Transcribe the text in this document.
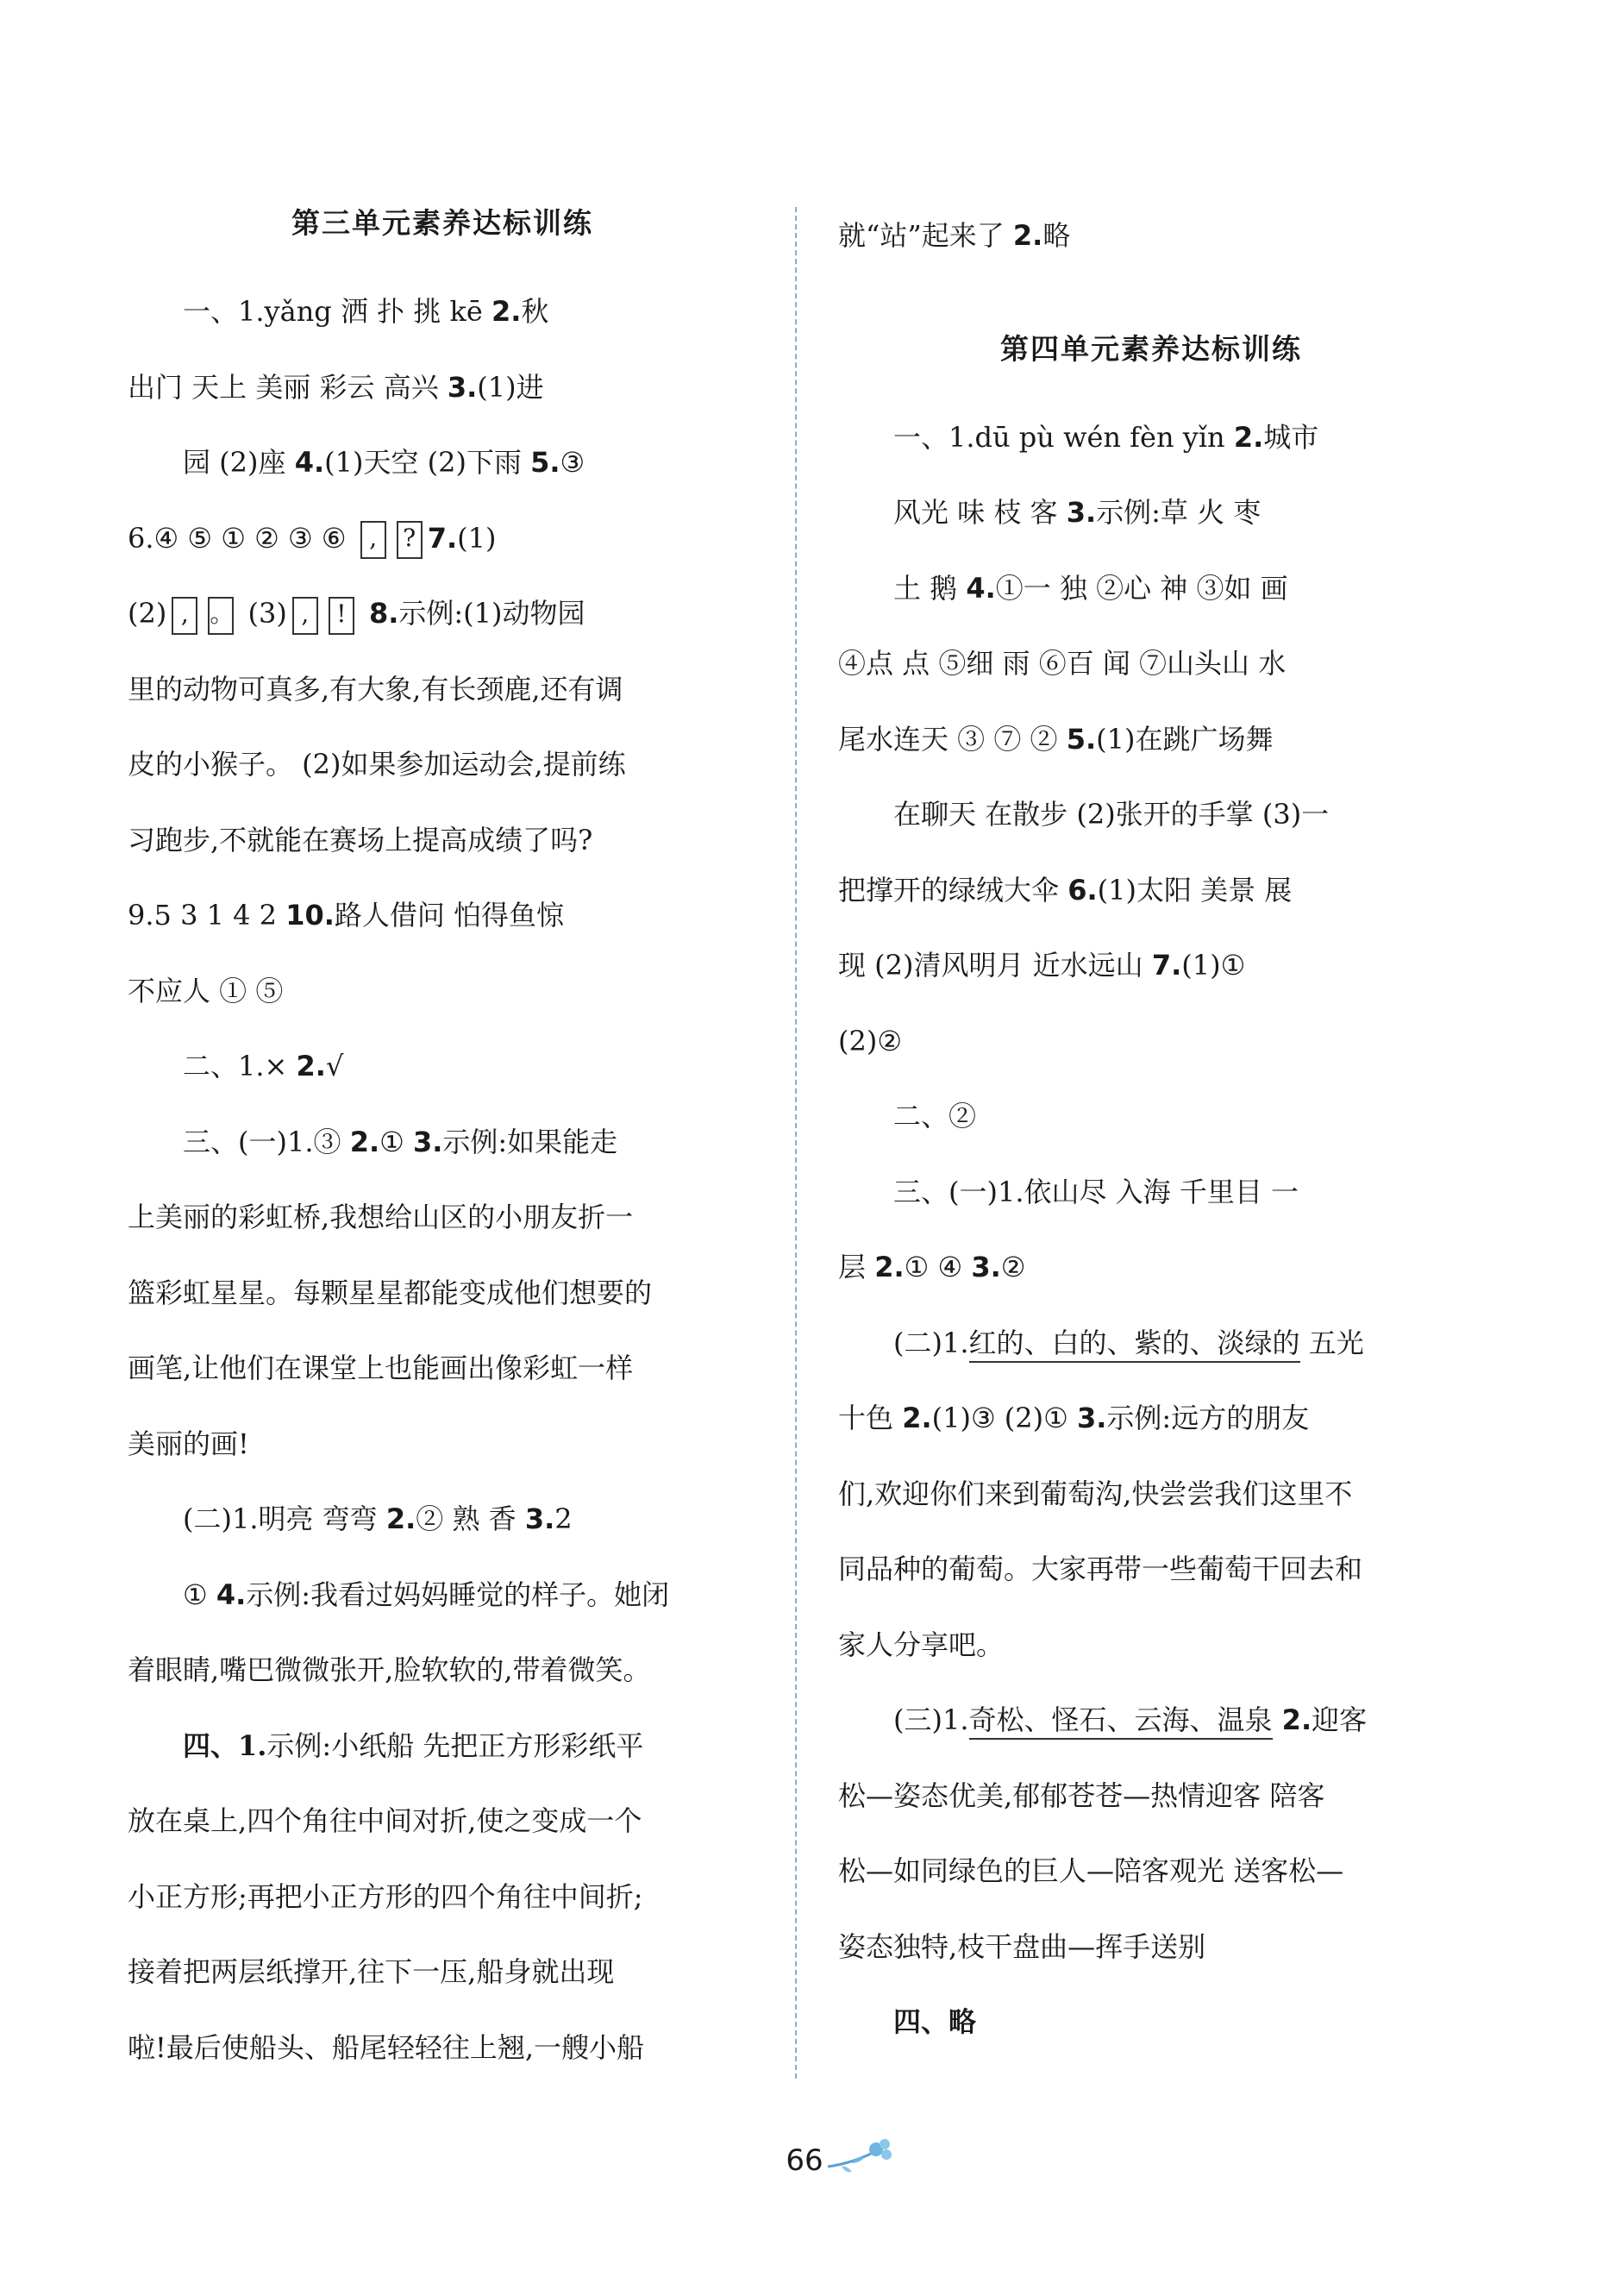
第三单元素养达标训练
一、1.yǎng 洒 扑 挑 kē 2.秋
出门 天上 美丽 彩云 高兴 3.(1)进
园 (2)座 4.(1)天空 (2)下雨 5.③
6.④ ⑤ ① ② ③ ⑥ , ? 7.(1)
(2) , 。 (3) , ! 8.示例:(1)动物园
里的动物可真多,有大象,有长颈鹿,还有调
皮的小猴子。 (2)如果参加运动会,提前练
习跑步,不就能在赛场上提高成绩了吗?
9.5 3 1 4 2 10.路人借问 怕得鱼惊
不应人 ① ⑤
二、1.× 2.√
三、(一)1.③ 2.① 3.示例:如果能走
上美丽的彩虹桥,我想给山区的小朋友折一
篮彩虹星星。每颗星星都能变成他们想要的
画笔,让他们在课堂上也能画出像彩虹一样
美丽的画!
(二)1.明亮 弯弯 2.② 熟 香 3.2
① 4.示例:我看过妈妈睡觉的样子。她闭
着眼睛,嘴巴微微张开,脸软软的,带着微笑。
四、1.示例:小纸船 先把正方形彩纸平
放在桌上,四个角往中间对折,使之变成一个
小正方形;再把小正方形的四个角往中间折;
接着把两层纸撑开,往下一压,船身就出现
啦!最后使船头、船尾轻轻往上翘,一艘小船
就“站”起来了 2.略
第四单元素养达标训练
一、1.dū pù wén fèn yǐn 2.城市
风光 味 枝 客 3.示例:草 火 枣
土 鹅 4.①一 独 ②心 神 ③如 画
④点 点 ⑤细 雨 ⑥百 闻 ⑦山头山 水
尾水连天 ③ ⑦ ② 5.(1)在跳广场舞
在聊天 在散步 (2)张开的手掌 (3)一
把撑开的绿绒大伞 6.(1)太阳 美景 展
现 (2)清风明月 近水远山 7.(1)①
(2)②
二、②
三、(一)1.依山尽 入海 千里目 一
层 2.① ④ 3.②
(二)1.红的、白的、紫的、淡绿的 五光
十色 2.(1)③ (2)① 3.示例:远方的朋友
们,欢迎你们来到葡萄沟,快尝尝我们这里不
同品种的葡萄。大家再带一些葡萄干回去和
家人分享吧。
(三)1.奇松、怪石、云海、温泉 2.迎客
松—姿态优美,郁郁苍苍—热情迎客 陪客
松—如同绿色的巨人—陪客观光 送客松—
姿态独特,枝干盘曲—挥手送别
四、略
66
